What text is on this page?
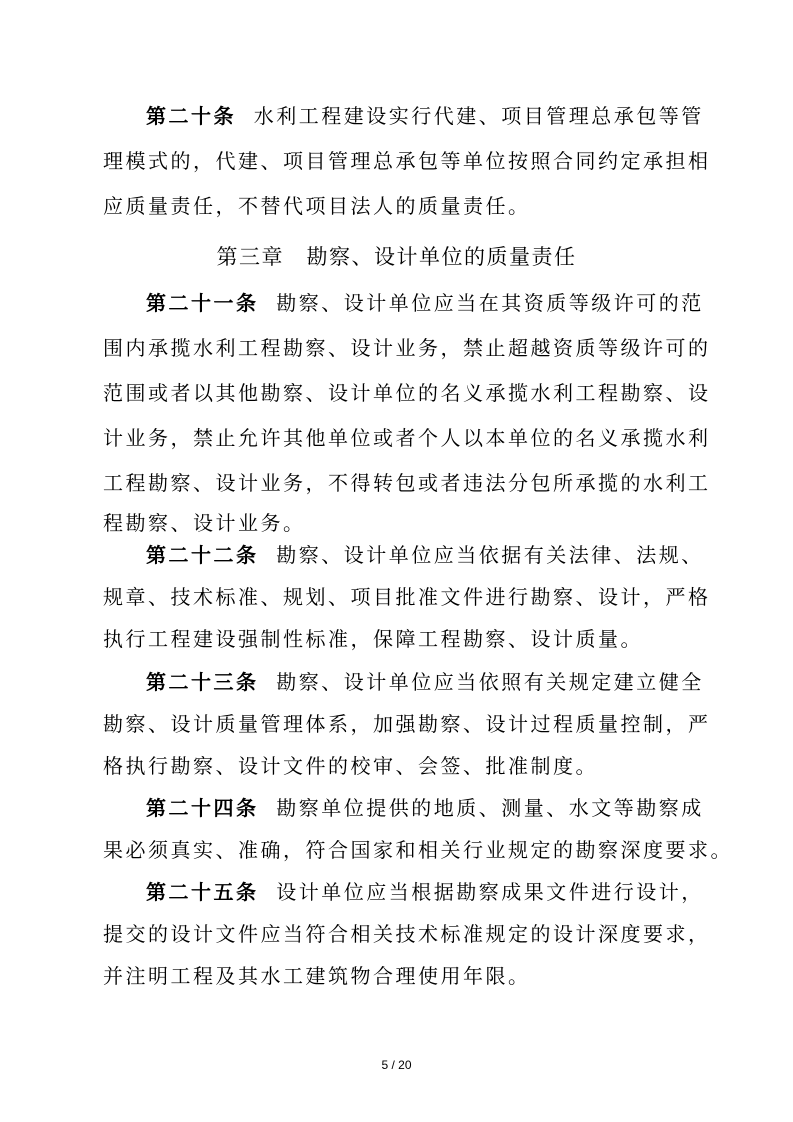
第二十条 水利工程建设实行代建、项目管理总承包等管

理模式的，代建、项目管理总承包等单位按照合同约定承担相

应质量责任，不替代项目法人的质量责任。

第三章　勘察、设计单位的质量责任

第二十一条 勘察、设计单位应当在其资质等级许可的范

围内承揽水利工程勘察、设计业务，禁止超越资质等级许可的

范围或者以其他勘察、设计单位的名义承揽水利工程勘察、设

计业务，禁止允许其他单位或者个人以本单位的名义承揽水利

工程勘察、设计业务，不得转包或者违法分包所承揽的水利工

程勘察、设计业务。

第二十二条 勘察、设计单位应当依据有关法律、法规、

规章、技术标准、规划、项目批准文件进行勘察、设计，严格

执行工程建设强制性标准，保障工程勘察、设计质量。

第二十三条 勘察、设计单位应当依照有关规定建立健全

勘察、设计质量管理体系，加强勘察、设计过程质量控制，严

格执行勘察、设计文件的校审、会签、批准制度。

第二十四条 勘察单位提供的地质、测量、水文等勘察成

果必须真实、准确，符合国家和相关行业规定的勘察深度要求。

第二十五条 设计单位应当根据勘察成果文件进行设计，

提交的设计文件应当符合相关技术标准规定的设计深度要求，

并注明工程及其水工建筑物合理使用年限。

5 / 20
